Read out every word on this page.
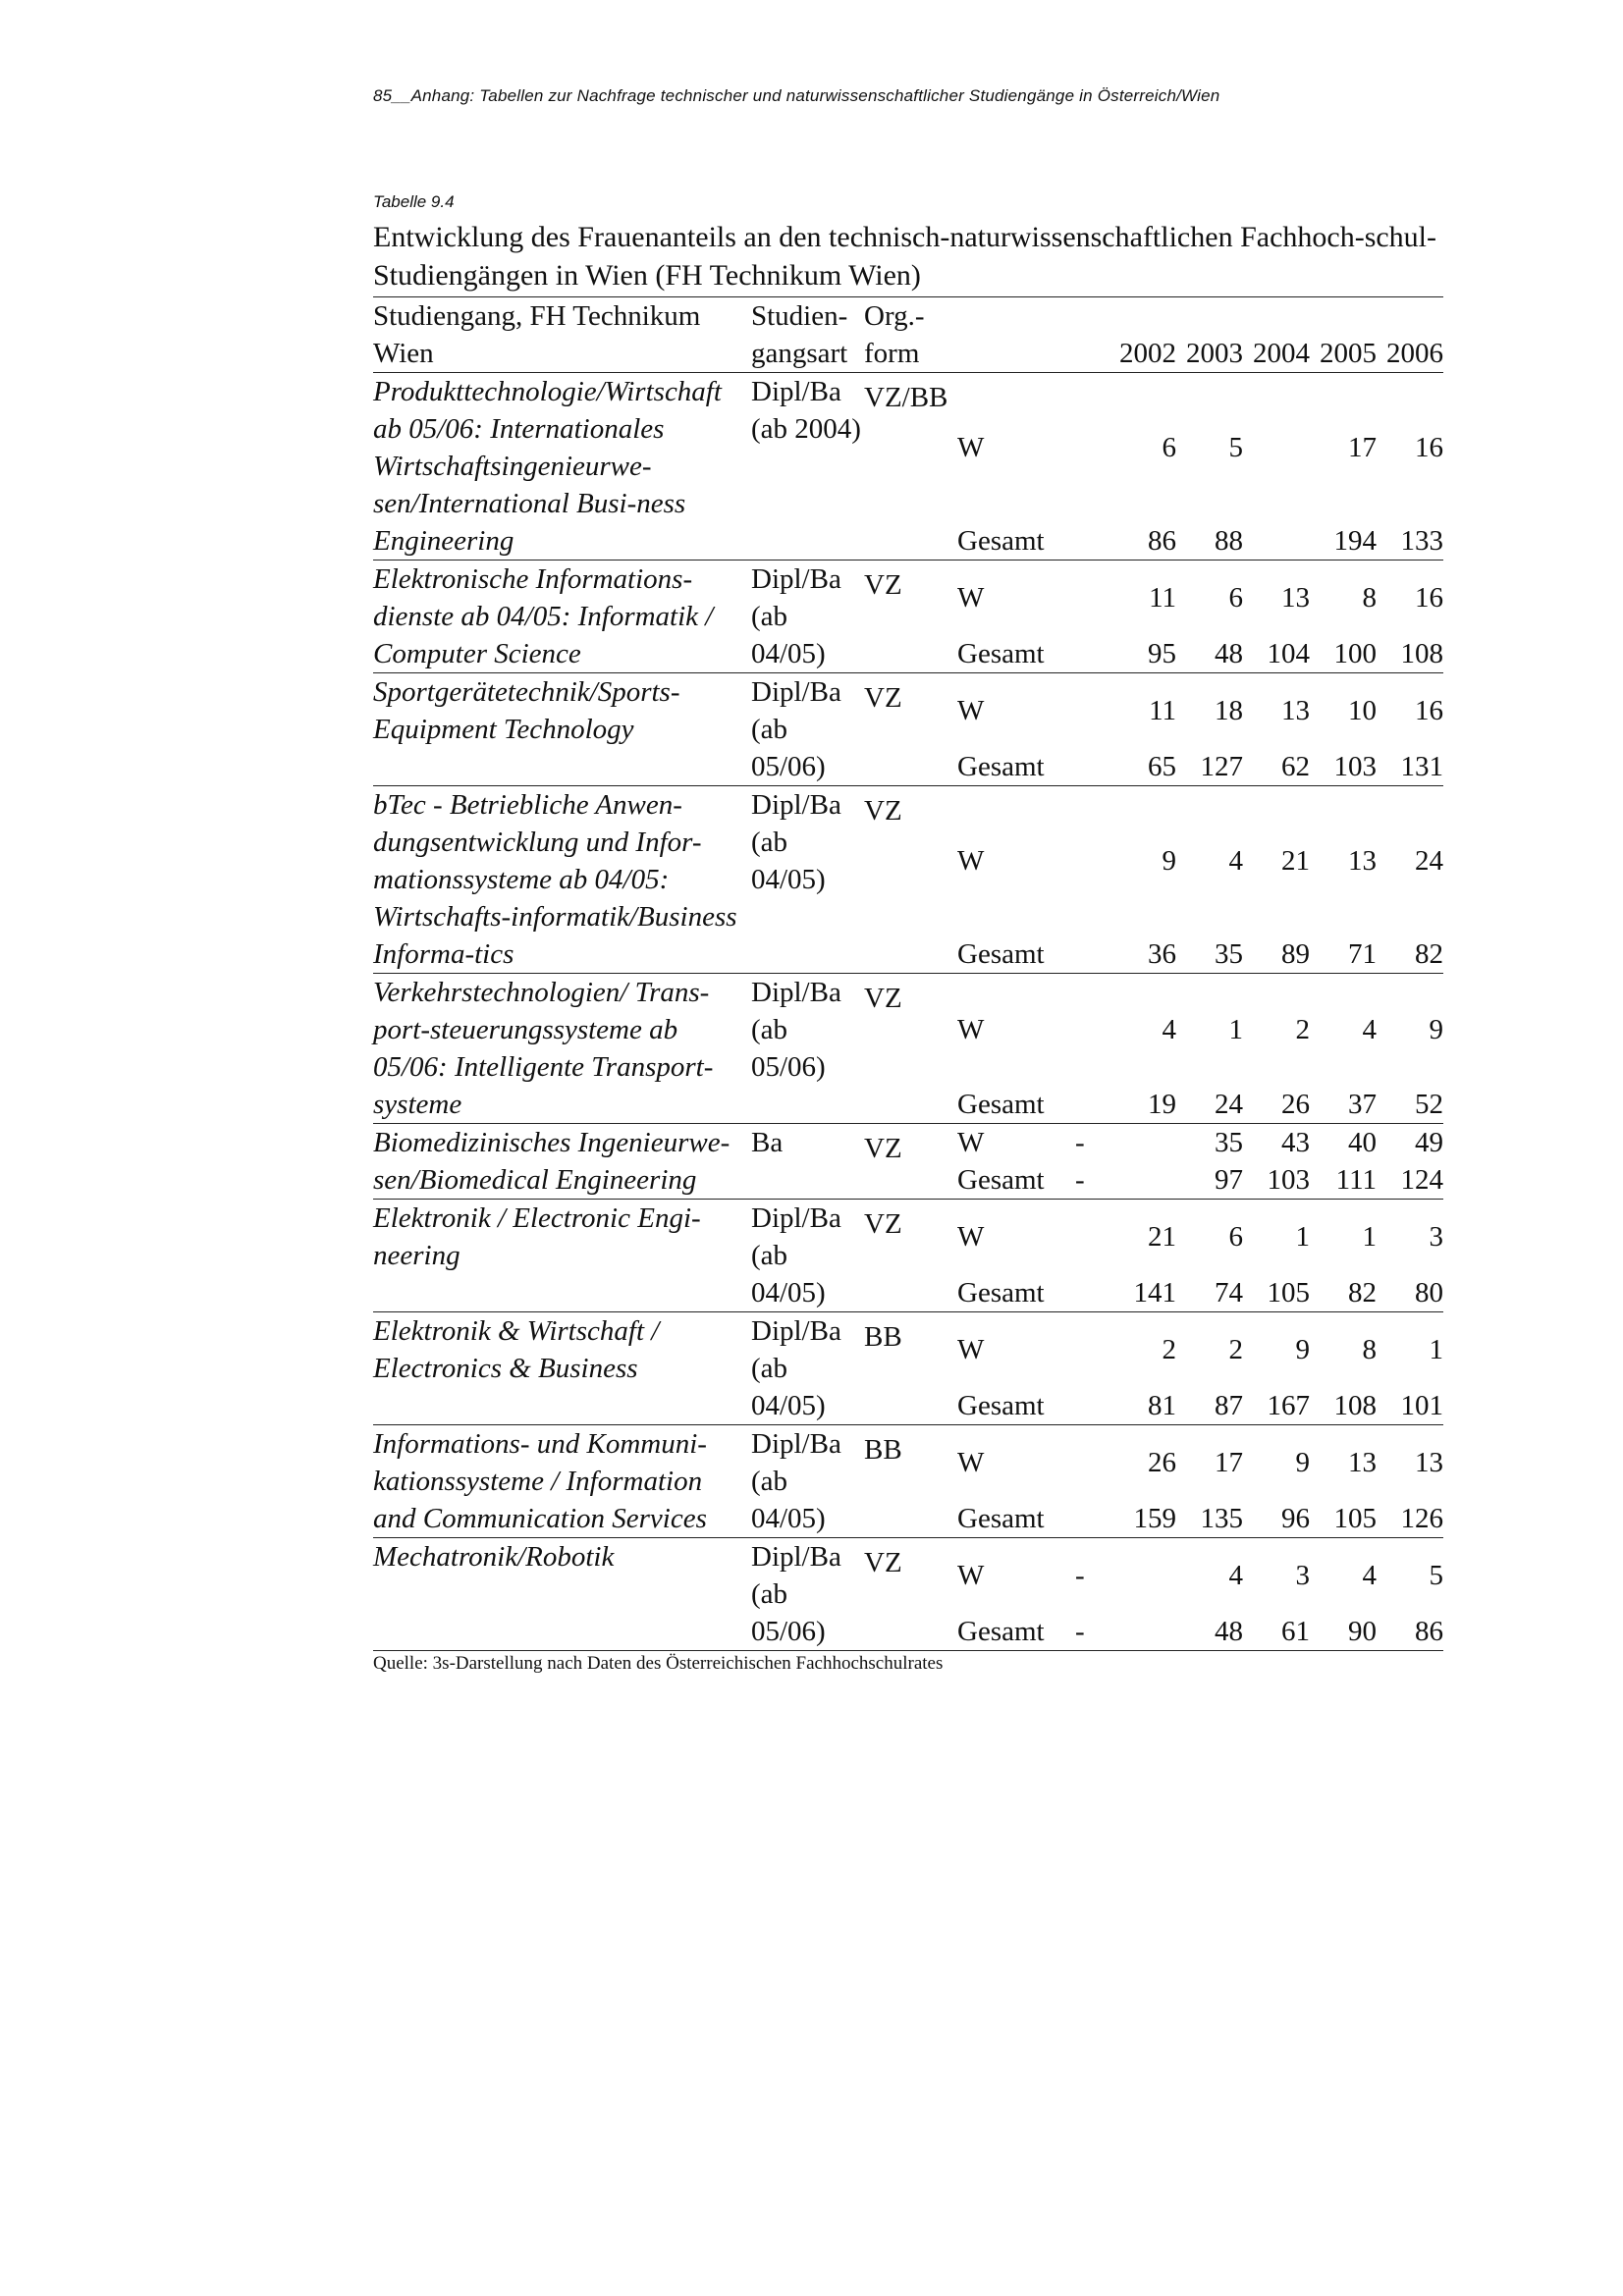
85__Anhang: Tabellen zur Nachfrage technischer und naturwissenschaftlicher Studiengänge in Österreich/Wien
Tabelle 9.4
Entwicklung des Frauenanteils an den technisch-naturwissenschaftlichen Fachhoch-schul-Studiengängen in Wien (FH Technikum Wien)
Studiengang, FH Technikum Wien	Studien-gangsart	Org.-form			2002	2003	2004	2005	2006
Produkttechnologie/Wirtschaft ab 05/06: Internationales Wirtschaftsingenieurwe-sen/International Busi-ness Engineering	Dipl/Ba (ab 2004)	VZ/BB	W		6	5		17	16
			Gesamt		86	88		194	133
Elektronische Informations-dienste ab 04/05: Informatik / Computer Science	Dipl/Ba (ab 04/05)	VZ	W		11	6	13	8	16
			Gesamt		95	48	104	100	108
Sportgerätetechnik/Sports-Equipment Technology	Dipl/Ba (ab 05/06)	VZ	W		11	18	13	10	16
			Gesamt		65	127	62	103	131
bTec - Betriebliche Anwen-dungsentwicklung und Infor-mationssysteme ab 04/05: Wirtschafts-informatik/Business Informa-tics	Dipl/Ba (ab 04/05)	VZ	W		9	4	21	13	24
			Gesamt		36	35	89	71	82
Verkehrstechnologien/ Trans-port-steuerungssysteme ab 05/06: Intelligente Transport-systeme	Dipl/Ba (ab 05/06)	VZ	W		4	1	2	4	9
			Gesamt		19	24	26	37	52
Biomedizinisches Ingenieurwe-sen/Biomedical Engineering	Ba	VZ	W	-		35	43	40	49
			Gesamt	-		97	103	111	124
Elektronik / Electronic Engi-neering	Dipl/Ba (ab 04/05)	VZ	W		21	6	1	1	3
			Gesamt		141	74	105	82	80
Elektronik & Wirtschaft / Electronics & Business	Dipl/Ba (ab 04/05)	BB	W		2	2	9	8	1
			Gesamt		81	87	167	108	101
Informations- und Kommuni-kationssysteme / Information and Communication Services	Dipl/Ba (ab 04/05)	BB	W		26	17	9	13	13
			Gesamt		159	135	96	105	126
Mechatronik/Robotik	Dipl/Ba (ab 05/06)	VZ	W	-		4	3	4	5
			Gesamt	-		48	61	90	86
Quelle: 3s-Darstellung nach Daten des Österreichischen Fachhochschulrates
